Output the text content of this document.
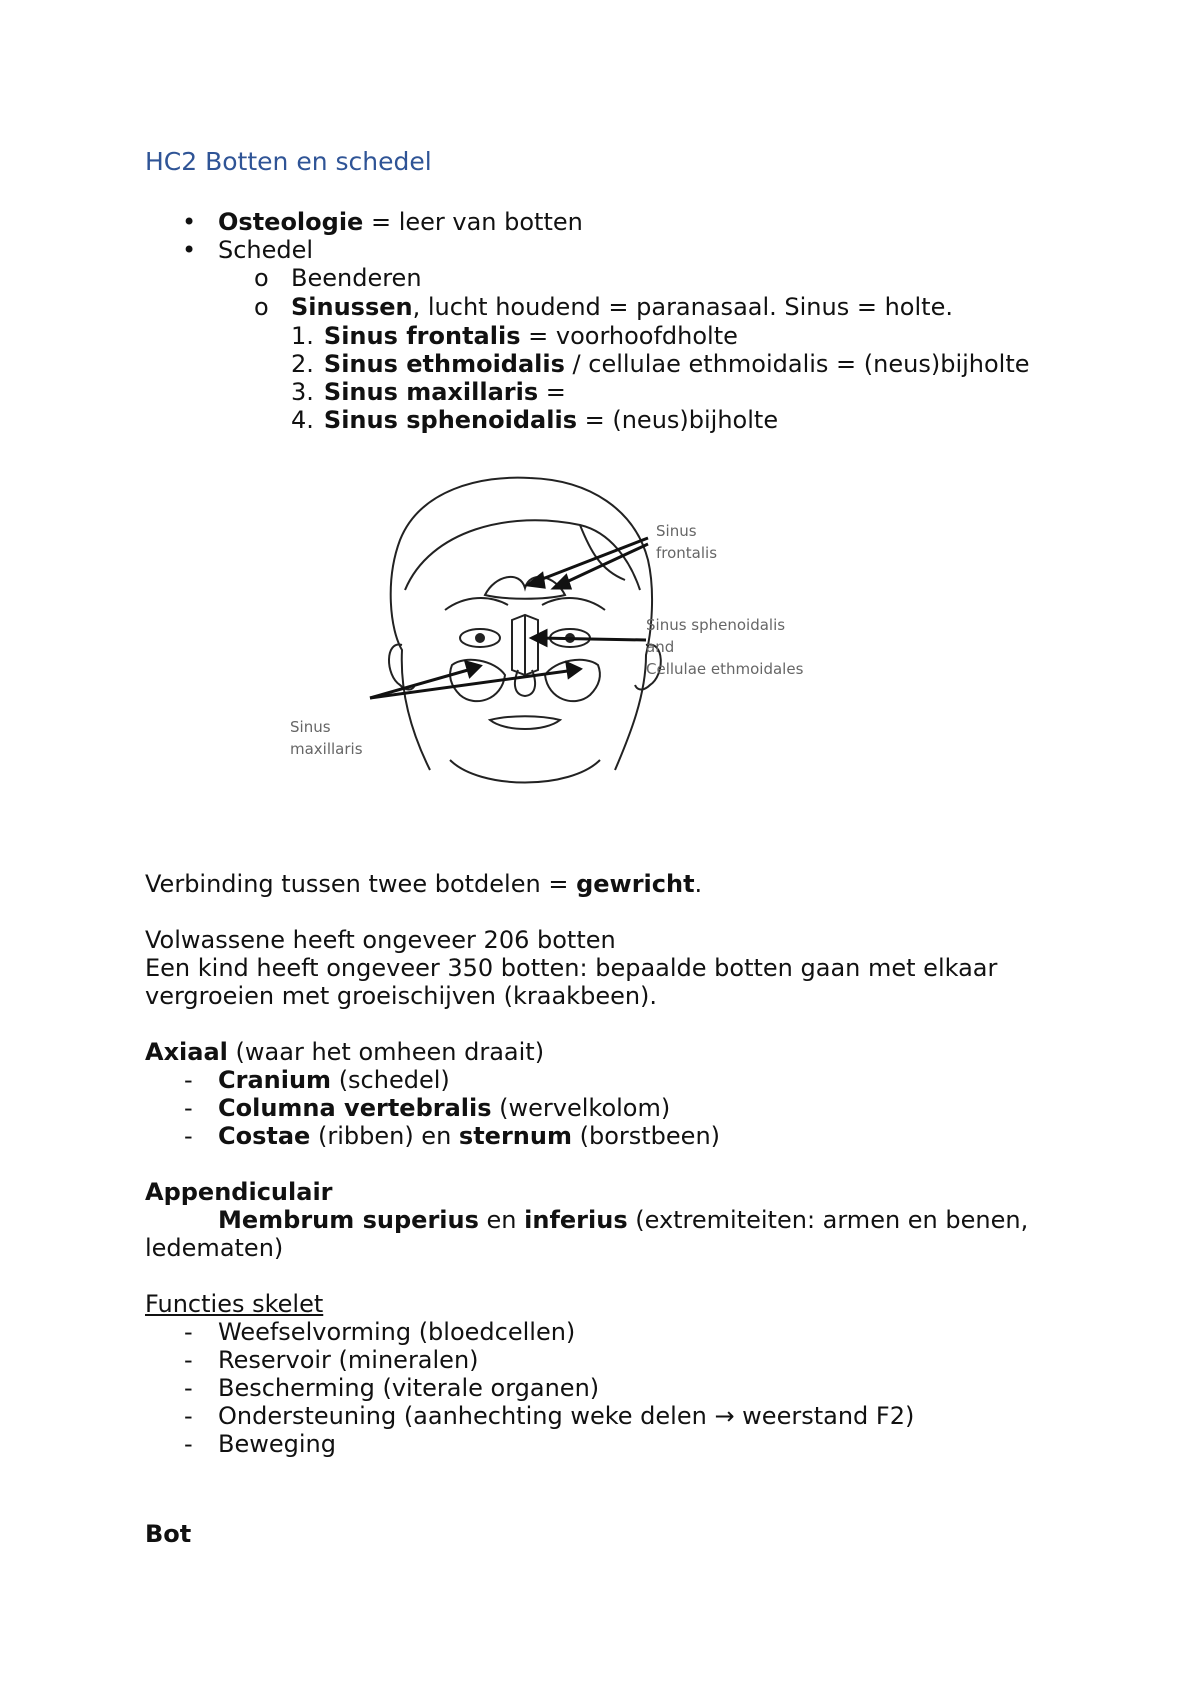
HC2 Botten en schedel
• Osteologie = leer van botten
• Schedel
o Beenderen
o Sinussen, lucht houdend = paranasaal. Sinus = holte.
1. Sinus frontalis = voorhoofdholte
2. Sinus ethmoidalis / cellulae ethmoidalis = (neus)bijholte
3. Sinus maxillaris =
4. Sinus sphenoidalis = (neus)bijholte
Sinus
frontalis
Sinus sphenoidalis
and
Cellulae ethmoidales
Sinus
maxillaris
Verbinding tussen twee botdelen = gewricht.
Volwassene heeft ongeveer 206 botten
Een kind heeft ongeveer 350 botten: bepaalde botten gaan met elkaar
vergroeien met groeischijven (kraakbeen).
Axiaal (waar het omheen draait)
- Cranium (schedel)
- Columna vertebralis (wervelkolom)
- Costae (ribben) en sternum (borstbeen)
Appendiculair
Membrum superius en inferius (extremiteiten: armen en benen,
ledematen)
Functies skelet
- Weefselvorming (bloedcellen)
- Reservoir (mineralen)
- Bescherming (viterale organen)
- Ondersteuning (aanhechting weke delen → weerstand F2)
- Beweging
Bot
